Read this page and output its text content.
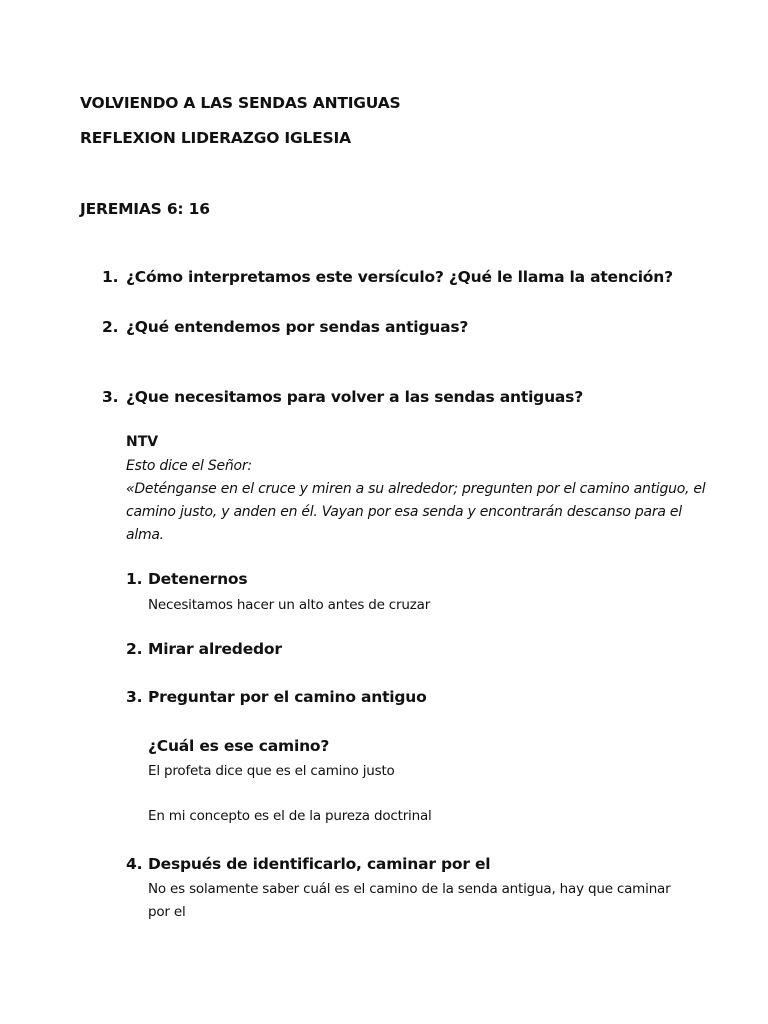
VOLVIENDO A LAS SENDAS ANTIGUAS
REFLEXION LIDERAZGO IGLESIA
JEREMIAS 6: 16
1. ¿Cómo interpretamos este versículo? ¿Qué le llama la atención?
2. ¿Qué entendemos por sendas antiguas?
3. ¿Que necesitamos para volver a las sendas antiguas?
NTV
Esto dice el Señor:
«Deténganse en el cruce y miren a su alrededor; pregunten por el camino antiguo, el camino justo, y anden en él. Vayan por esa senda y encontrarán descanso para el alma.
1. Detenernos
Necesitamos hacer un alto antes de cruzar
2. Mirar alrededor
3. Preguntar por el camino antiguo
¿Cuál es ese camino?
El profeta dice que es el camino justo
En mi concepto es el de la pureza doctrinal
4. Después de identificarlo, caminar por el
No es solamente saber cuál es el camino de la senda antigua, hay que caminar por el
